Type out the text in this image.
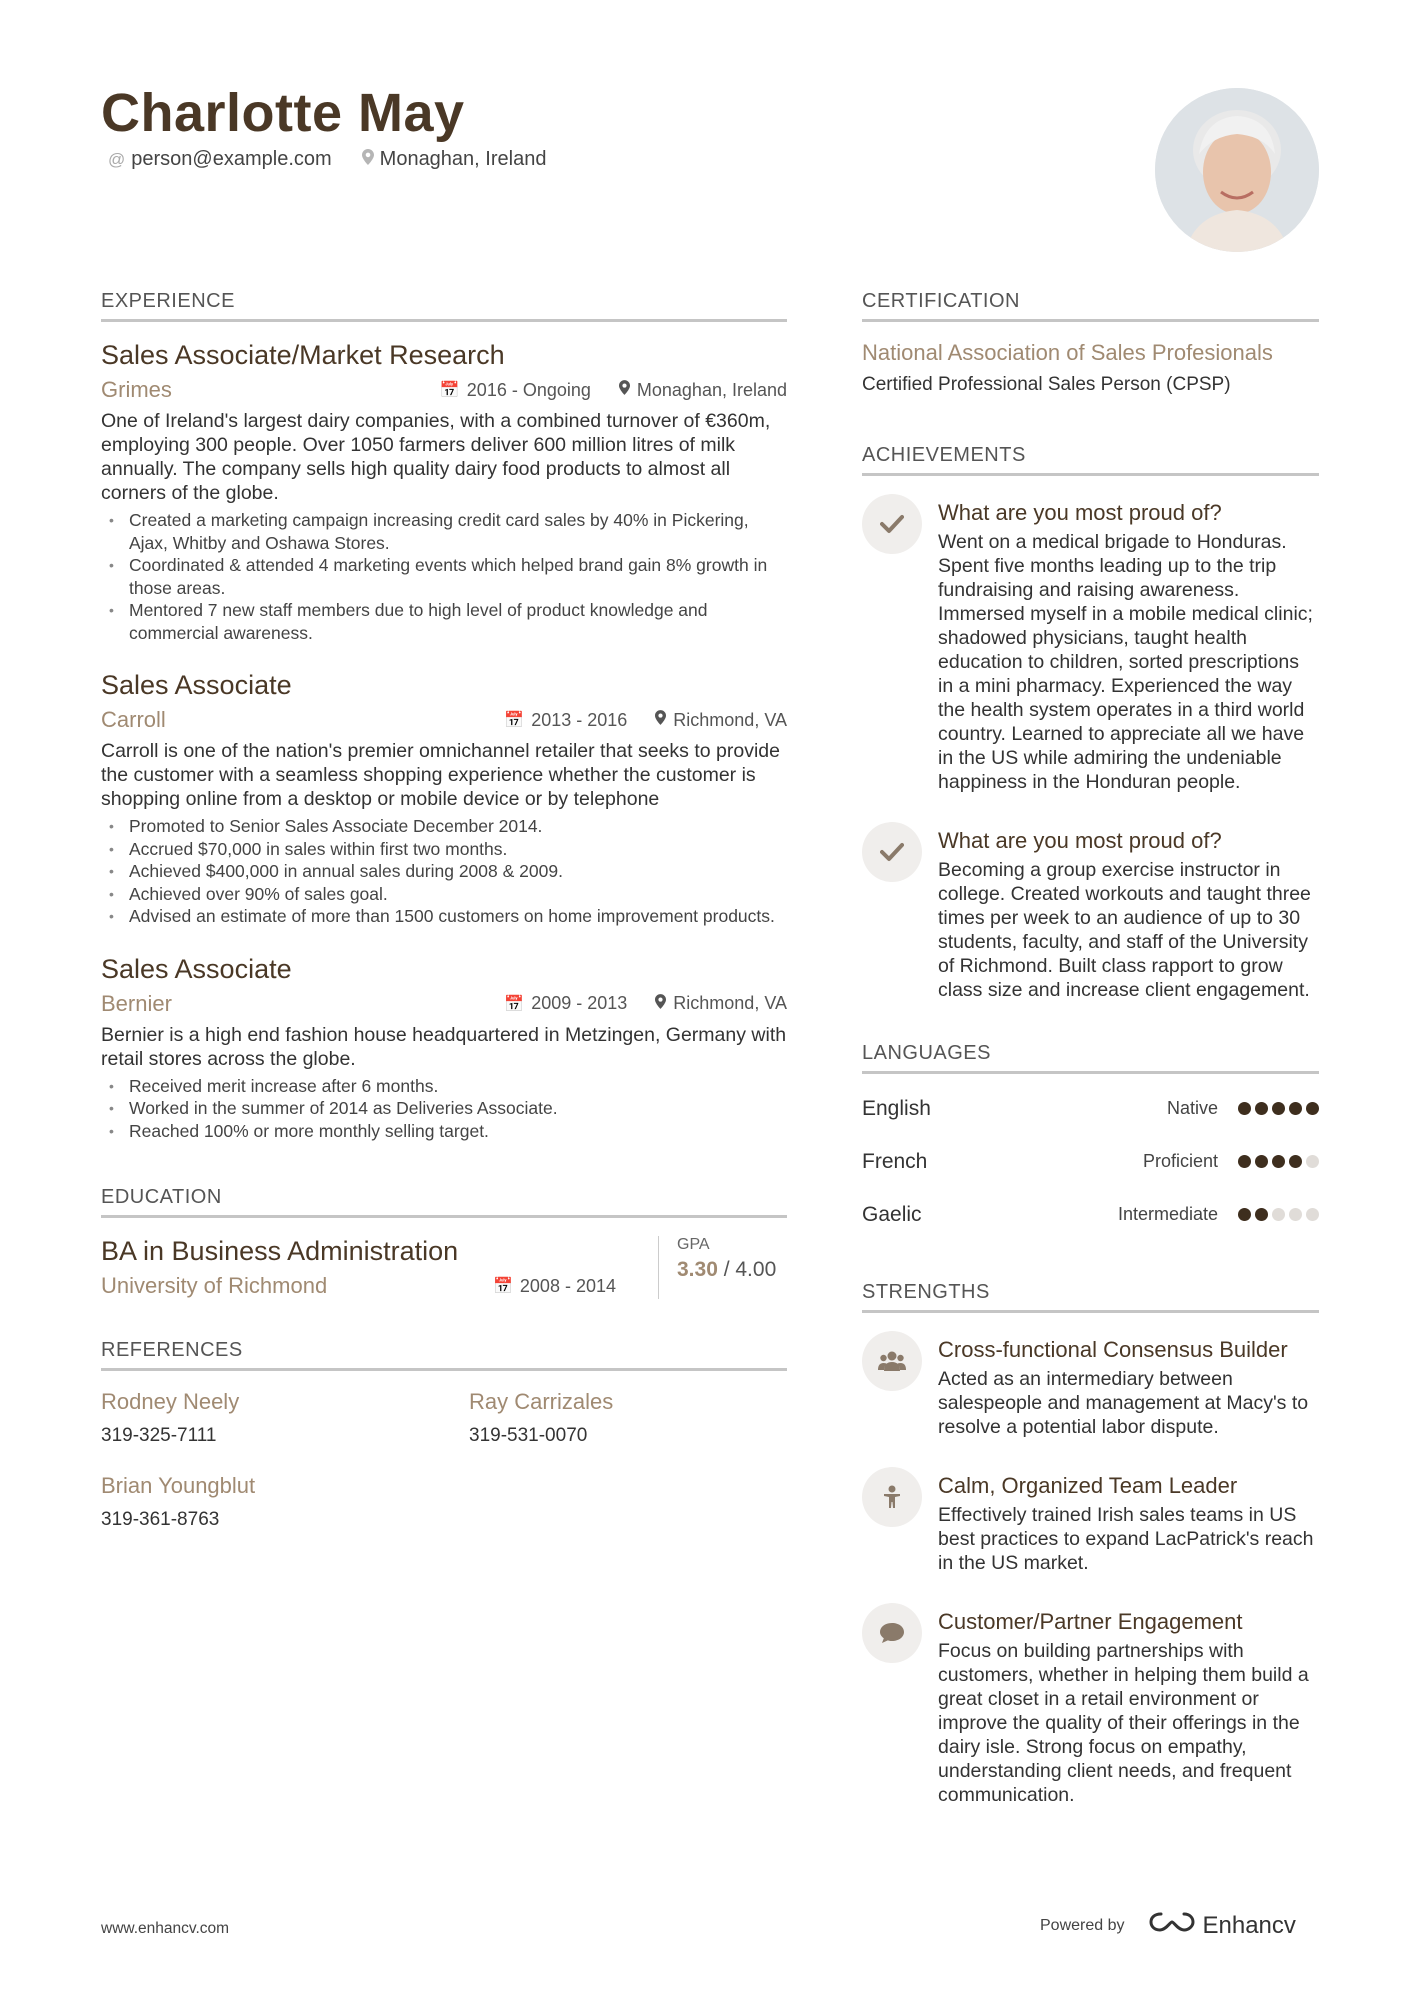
Charlotte May
@ person@example.com Monaghan, Ireland
EXPERIENCE
Sales Associate/Market Research
Grimes	📅 2016 - Ongoing	Monaghan, Ireland
One of Ireland's largest dairy companies, with a combined turnover of €360m, employing 300 people. Over 1050 farmers deliver 600 million litres of milk annually. The company sells high quality dairy food products to almost all corners of the globe.
• Created a marketing campaign increasing credit card sales by 40% in Pickering, Ajax, Whitby and Oshawa Stores.
• Coordinated & attended 4 marketing events which helped brand gain 8% growth in those areas.
• Mentored 7 new staff members due to high level of product knowledge and commercial awareness.
Sales Associate
Carroll	📅 2013 - 2016	Richmond, VA
Carroll is one of the nation's premier omnichannel retailer that seeks to provide the customer with a seamless shopping experience whether the customer is shopping online from a desktop or mobile device or by telephone
• Promoted to Senior Sales Associate December 2014.
• Accrued $70,000 in sales within first two months.
• Achieved $400,000 in annual sales during 2008 & 2009.
• Achieved over 90% of sales goal.
• Advised an estimate of more than 1500 customers on home improvement products.
Sales Associate
Bernier	📅 2009 - 2013	Richmond, VA
Bernier is a high end fashion house headquartered in Metzingen, Germany with retail stores across the globe.
• Received merit increase after 6 months.
• Worked in the summer of 2014 as Deliveries Associate.
• Reached 100% or more monthly selling target.
EDUCATION
BA in Business Administration
University of Richmond	📅 2008 - 2014
GPA
3.30 / 4.00
REFERENCES
Rodney Neely
319-325-7111
Ray Carrizales
319-531-0070
Brian Youngblut
319-361-8763
CERTIFICATION
National Association of Sales Profesionals
Certified Professional Sales Person (CPSP)
ACHIEVEMENTS
What are you most proud of?
Went on a medical brigade to Honduras. Spent five months leading up to the trip fundraising and raising awareness. Immersed myself in a mobile medical clinic; shadowed physicians, taught health education to children, sorted prescriptions in a mini pharmacy. Experienced the way the health system operates in a third world country. Learned to appreciate all we have in the US while admiring the undeniable happiness in the Honduran people.
What are you most proud of?
Becoming a group exercise instructor in college. Created workouts and taught three times per week to an audience of up to 30 students, faculty, and staff of the University of Richmond. Built class rapport to grow class size and increase client engagement.
LANGUAGES
English	Native
French	Proficient
Gaelic	Intermediate
STRENGTHS
Cross-functional Consensus Builder
Acted as an intermediary between salespeople and management at Macy's to resolve a potential labor dispute.
Calm, Organized Team Leader
Effectively trained Irish sales teams in US best practices to expand LacPatrick's reach in the US market.
Customer/Partner Engagement
Focus on building partnerships with customers, whether in helping them build a great closet in a retail environment or improve the quality of their offerings in the dairy isle. Strong focus on empathy, understanding client needs, and frequent communication.
www.enhancv.com	Powered by	Enhancv
